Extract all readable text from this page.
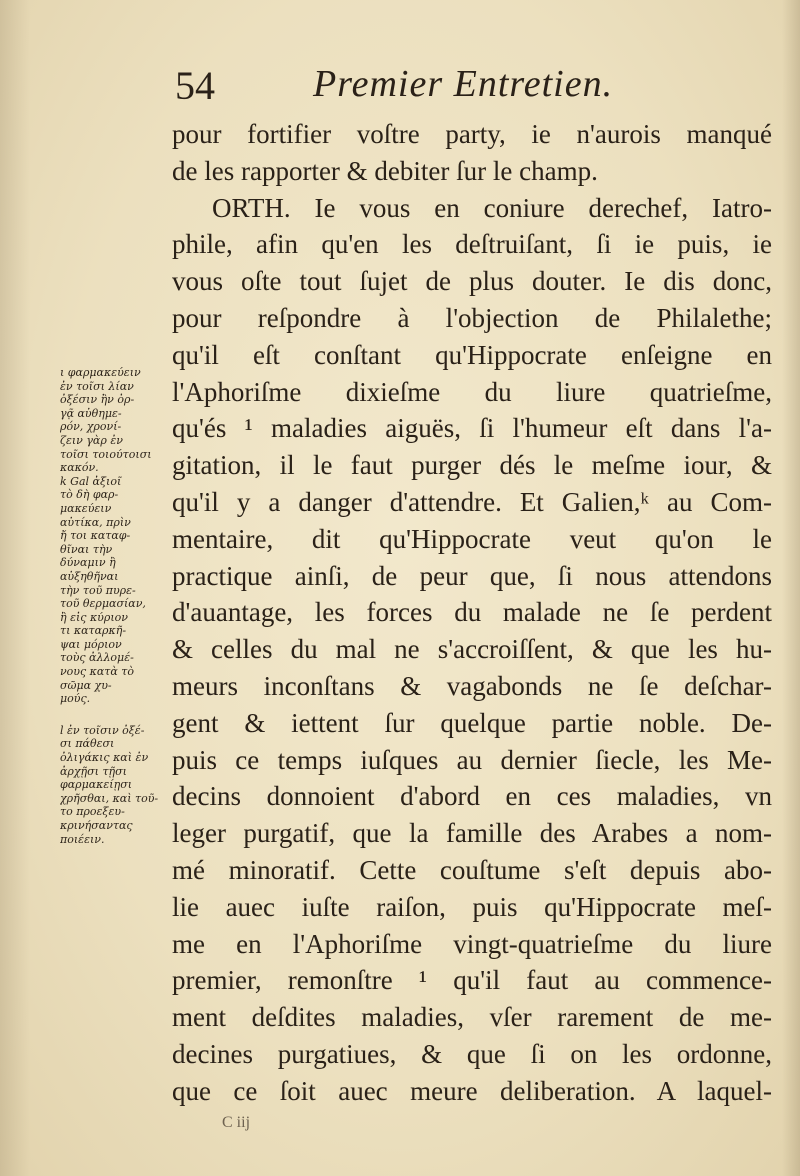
54	Premier Entretien.
ι φαρμακεύειν
ἐν τοῖσι λίαν
ὀξέσιν ἢν ὀρ-
γᾷ αὐθημε-
ρόν, χρονί-
ζειν γὰρ ἐν
τοῖσι τοιούτοισι
κακόν.
k Gal ἀξιοῖ
τὸ δὴ φαρ-
μακεύειν
αὐτίκα, πρὶν
ἤ τοι καταφ-
θῖναι τὴν
δύναμιν ἢ
αὐξηθῆναι
τὴν τοῦ πυρε-
τοῦ θερμασίαν,
ἢ εἰς κύριον
τι καταρκῆ-
ψαι μόριον
τοὺς ἀλλομέ-
νους κατὰ τὸ
σῶμα χυ-
μούς.
l ἐν τοῖσιν ὀξέ-
σι πάθεσι
ὀλιγάκις καὶ ἐν
ἀρχῇσι τῇσι
φαρμακείῃσι
χρῆσθαι, καὶ τοῦ-
το προεξευ-
κρινήσαντας
ποιέειν.
pour fortifier voſtre party, ie n'aurois manqué
de les rapporter & debiter ſur le champ.
ORTH. Ie vous en coniure derechef, Iatro-
phile, afin qu'en les deſtruiſant, ſi ie puis, ie
vous oſte tout ſujet de plus douter. Ie dis donc,
pour reſpondre à l'objection de Philalethe;
qu'il eſt conſtant qu'Hippocrate enſeigne en
l'Aphoriſme dixieſme du liure quatrieſme,
qu'és ¹ maladies aiguës, ſi l'humeur eſt dans l'a-
gitation, il le faut purger dés le meſme iour, &
qu'il y a danger d'attendre. Et Galien,ᵏ au Com-
mentaire, dit qu'Hippocrate veut qu'on le
practique ainſi, de peur que, ſi nous attendons
d'auantage, les forces du malade ne ſe perdent
& celles du mal ne s'accroiſſent, & que les hu-
meurs inconſtans & vagabonds ne ſe deſchar-
gent & iettent ſur quelque partie noble. De-
puis ce temps iuſques au dernier ſiecle, les Me-
decins donnoient d'abord en ces maladies, vn
leger purgatif, que la famille des Arabes a nom-
mé minoratif. Cette couſtume s'eſt depuis abo-
lie auec iuſte raiſon, puis qu'Hippocrate meſ-
me en l'Aphoriſme vingt-quatrieſme du liure
premier, remonſtre ¹ qu'il faut au commence-
ment deſdites maladies, vſer rarement de me-
decines purgatiues, & que ſi on les ordonne,
que ce ſoit auec meure deliberation. A laquel-
C iij
